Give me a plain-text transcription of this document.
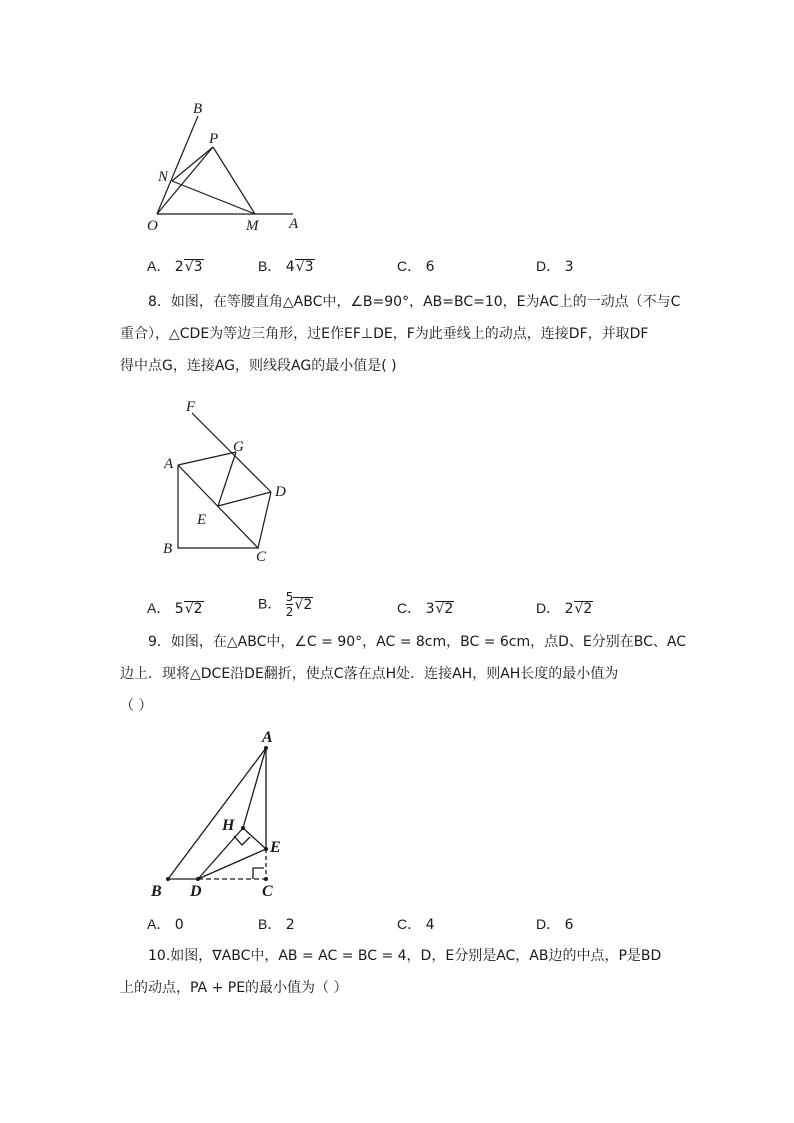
B
P
N
O	M A
A． 2√3	B． 4√3	C． 6	D． 3

8．如图，在等腰直角△ABC中，∠B=90°，AB=BC=10，E为AC上的一动点（不与C

重合），△CDE为等边三角形，过E作EF⊥DE，F为此垂线上的动点，连接DF，并取DF

得中点G，连接AG，则线段AG的最小值是( )

F
G
A
D
E
B	C
A． 5√2	B． $\frac{5}{2} √2$	C． 3√2	D． 2√2

9．如图，在△ABC中，∠C = 90°，AC = 8cm，BC = 6cm，点D、E分别在BC、AC

边上．现将△DCE沿DE翻折，使点C落在点H处．连接AH，则AH长度的最小值为

（ ）

A
H
E
B D	C
A． 0	B． 2	C． 4	D． 6

10.如图，∇ABC中，AB = AC = BC = 4，D，E分别是AC，AB边的中点，P是BD

上的动点，PA + PE的最小值为（ ）
